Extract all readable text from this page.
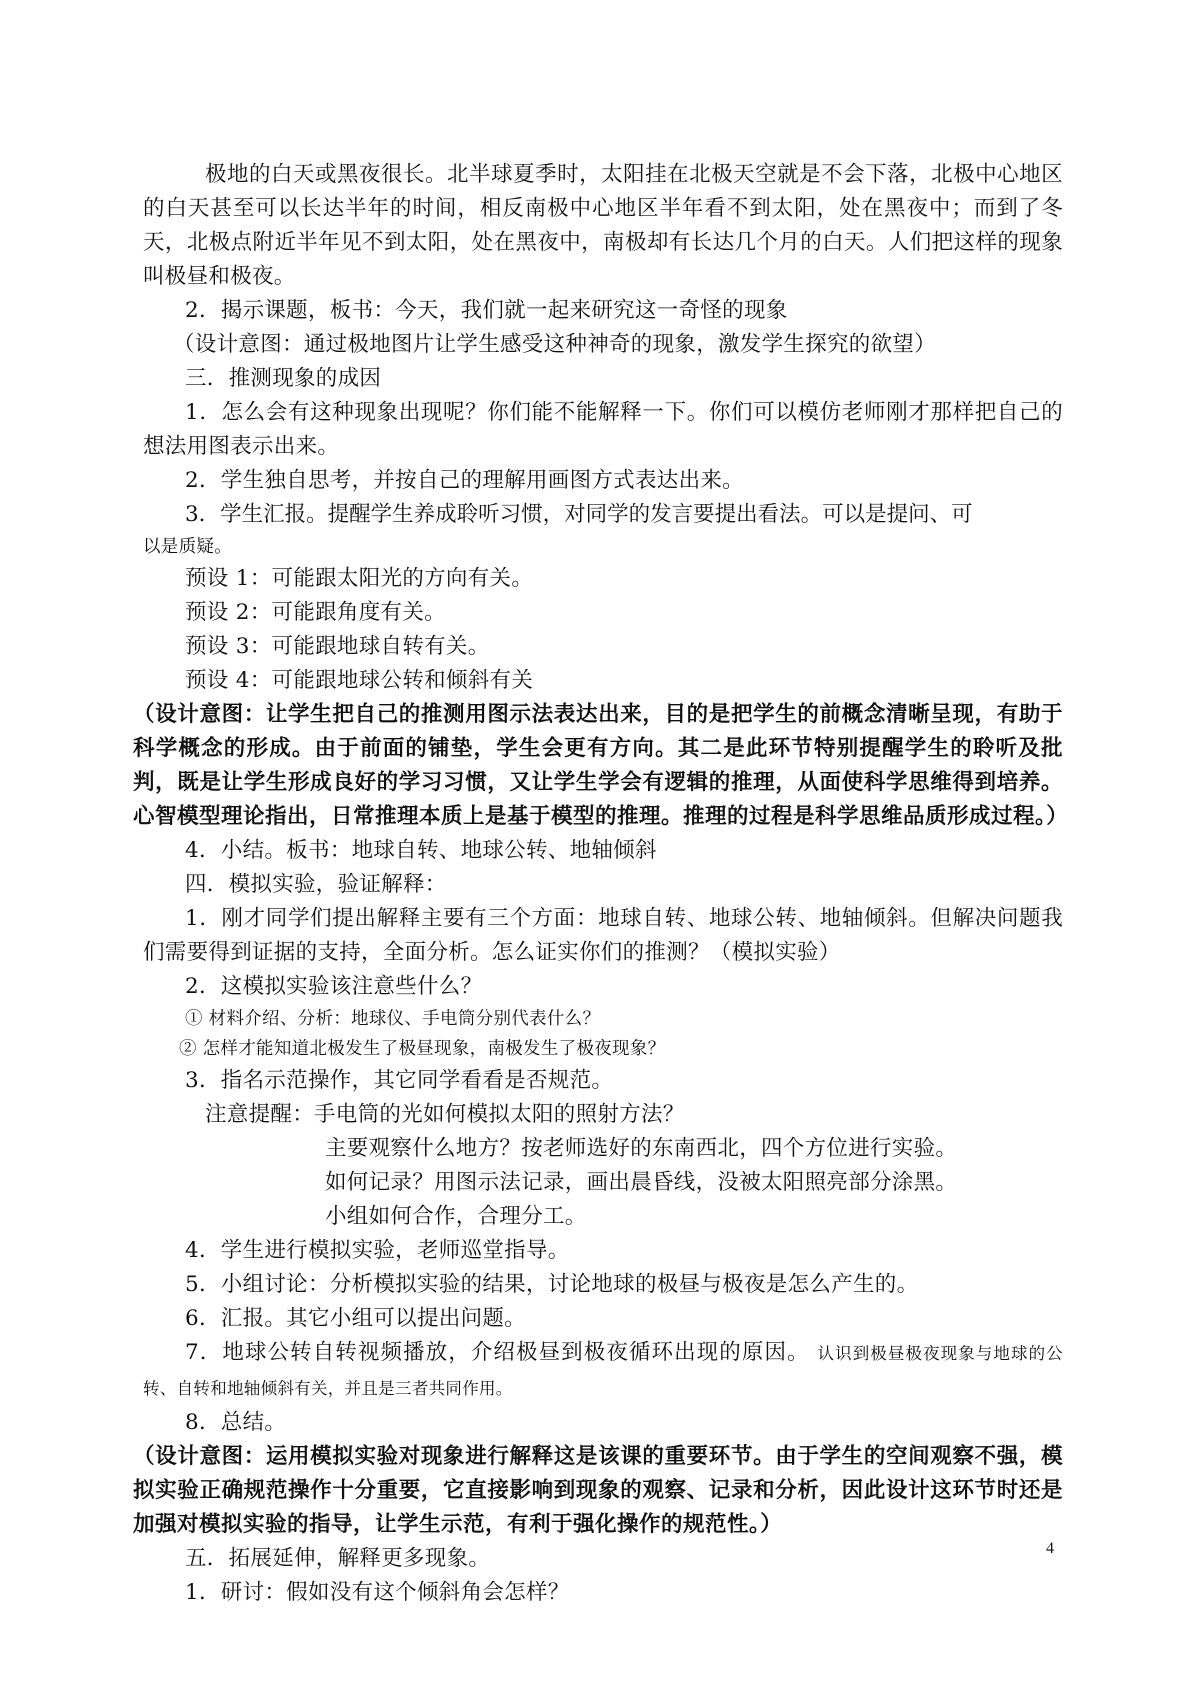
极地的白天或黑夜很长。北半球夏季时，太阳挂在北极天空就是不会下落，北极中心地区的白天甚至可以长达半年的时间，相反南极中心地区半年看不到太阳，处在黑夜中；而到了冬天，北极点附近半年见不到太阳，处在黑夜中，南极却有长达几个月的白天。人们把这样的现象叫极昼和极夜。

2．揭示课题，板书：今天，我们就一起来研究这一奇怪的现象

（设计意图：通过极地图片让学生感受这种神奇的现象，激发学生探究的欲望）

三．推测现象的成因

1．怎么会有这种现象出现呢？你们能不能解释一下。你们可以模仿老师刚才那样把自己的想法用图表示出来。

2．学生独自思考，并按自己的理解用画图方式表达出来。

3．学生汇报。提醒学生养成聆听习惯，对同学的发言要提出看法。可以是提问、可

以是质疑。

预设 1：可能跟太阳光的方向有关。

预设 2：可能跟角度有关。

预设 3：可能跟地球自转有关。

预设 4：可能跟地球公转和倾斜有关

（设计意图：让学生把自己的推测用图示法表达出来，目的是把学生的前概念清晰呈现，有助于科学概念的形成。由于前面的铺垫，学生会更有方向。其二是此环节特别提醒学生的聆听及批判，既是让学生形成良好的学习习惯，又让学生学会有逻辑的推理，从面使科学思维得到培养。心智模型理论指出，日常推理本质上是基于模型的推理。推理的过程是科学思维品质形成过程。）

4．小结。板书：地球自转、地球公转、地轴倾斜

四．模拟实验，验证解释：

1．刚才同学们提出解释主要有三个方面：地球自转、地球公转、地轴倾斜。但解决问题我们需要得到证据的支持，全面分析。怎么证实你们的推测？（模拟实验）

2．这模拟实验该注意些什么？

① 材料介绍、分析：地球仪、手电筒分别代表什么？

② 怎样才能知道北极发生了极昼现象，南极发生了极夜现象？

3．指名示范操作，其它同学看看是否规范。

注意提醒：手电筒的光如何模拟太阳的照射方法？

主要观察什么地方？按老师选好的东南西北，四个方位进行实验。

如何记录？用图示法记录，画出晨昏线，没被太阳照亮部分涂黑。

小组如何合作，合理分工。

4．学生进行模拟实验，老师巡堂指导。

5．小组讨论：分析模拟实验的结果，讨论地球的极昼与极夜是怎么产生的。

6．汇报。其它小组可以提出问题。

7．地球公转自转视频播放，介绍极昼到极夜循环出现的原因。 认识到极昼极夜现象与地球的公转、自转和地轴倾斜有关，并且是三者共同作用。

8．总结。

（设计意图：运用模拟实验对现象进行解释这是该课的重要环节。由于学生的空间观察不强，模拟实验正确规范操作十分重要，它直接影响到现象的观察、记录和分析，因此设计这环节时还是加强对模拟实验的指导，让学生示范，有利于强化操作的规范性。）

五．拓展延伸，解释更多现象。

1．研讨：假如没有这个倾斜角会怎样？

4
